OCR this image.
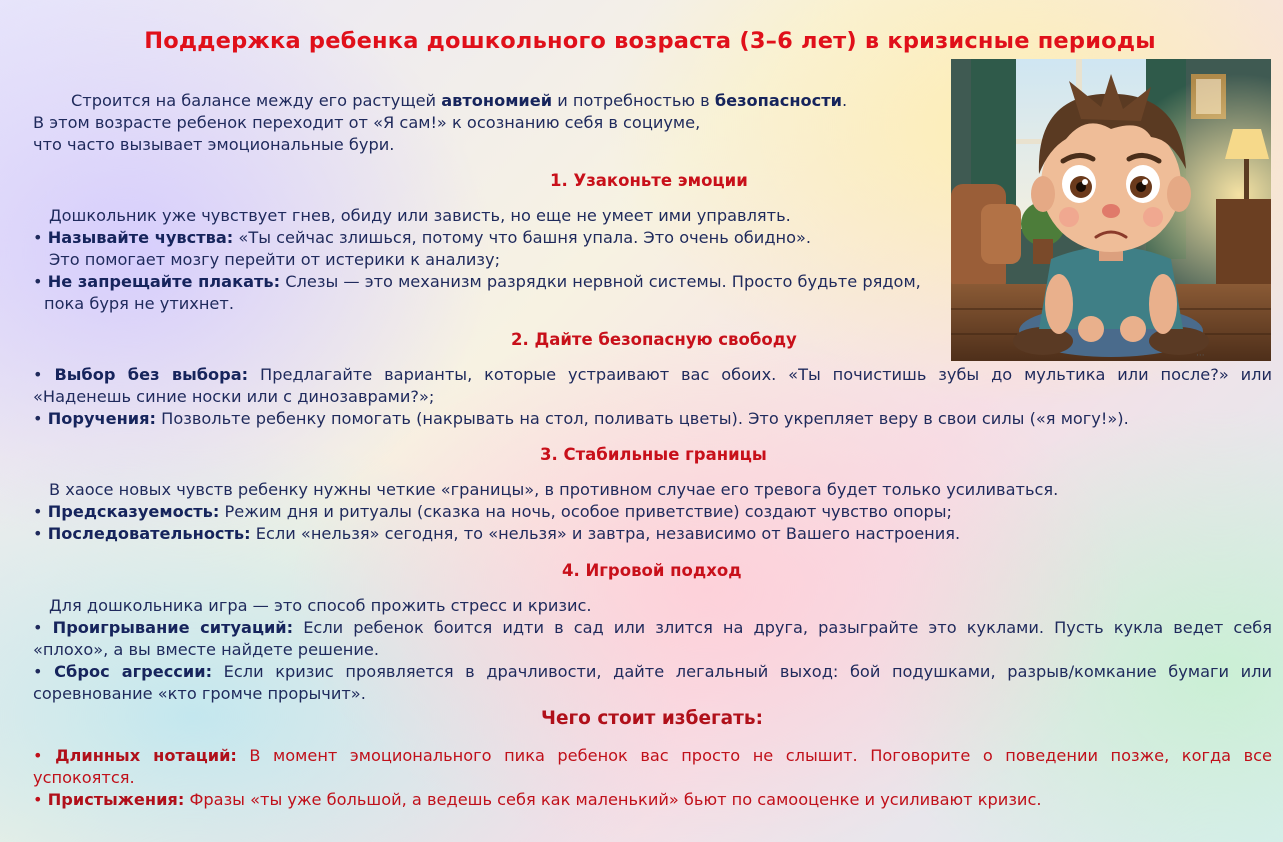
Поддержка ребенка дошкольного возраста (3–6 лет) в кризисные периоды
Строится на балансе между его растущей автономией и потребностью в безопасности.
В этом возрасте ребенок переходит от «Я сам!» к осознанию себя в социуме,
что часто вызывает эмоциональные бури.
1. Узаконьте эмоции
Дошкольник уже чувствует гнев, обиду или зависть, но еще не умеет ими управлять.
• Называйте чувства: «Ты сейчас злишься, потому что башня упала. Это очень обидно».
Это помогает мозгу перейти от истерики к анализу;
• Не запрещайте плакать: Слезы — это механизм разрядки нервной системы. Просто будьте рядом,
пока буря не утихнет.
2. Дайте безопасную свободу
• Выбор без выбора: Предлагайте варианты, которые устраивают вас обоих. «Ты почистишь зубы до мультика или после?» или
«Наденешь синие носки или с динозаврами?»;
• Поручения: Позвольте ребенку помогать (накрывать на стол, поливать цветы). Это укрепляет веру в свои силы («я могу!»).
3. Стабильные границы
В хаосе новых чувств ребенку нужны четкие «границы», в противном случае его тревога будет только усиливаться.
• Предсказуемость: Режим дня и ритуалы (сказка на ночь, особое приветствие) создают чувство опоры;
• Последовательность: Если «нельзя» сегодня, то «нельзя» и завтра, независимо от Вашего настроения.
4. Игровой подход
Для дошкольника игра — это способ прожить стресс и кризис.
• Проигрывание ситуаций: Если ребенок боится идти в сад или злится на друга, разыграйте это куклами. Пусть кукла ведет себя
«плохо», а вы вместе найдете решение.
• Сброс агрессии: Если кризис проявляется в драчливости, дайте легальный выход: бой подушками, разрыв/комкание бумаги или
соревнование «кто громче прорычит».
Чего стоит избегать:
• Длинных нотаций: В момент эмоционального пика ребенок вас просто не слышит. Поговорите о поведении позже, когда все
успокоятся.
• Пристыжения: Фразы «ты уже большой, а ведешь себя как маленький» бьют по самооценке и усиливают кризис.
···
